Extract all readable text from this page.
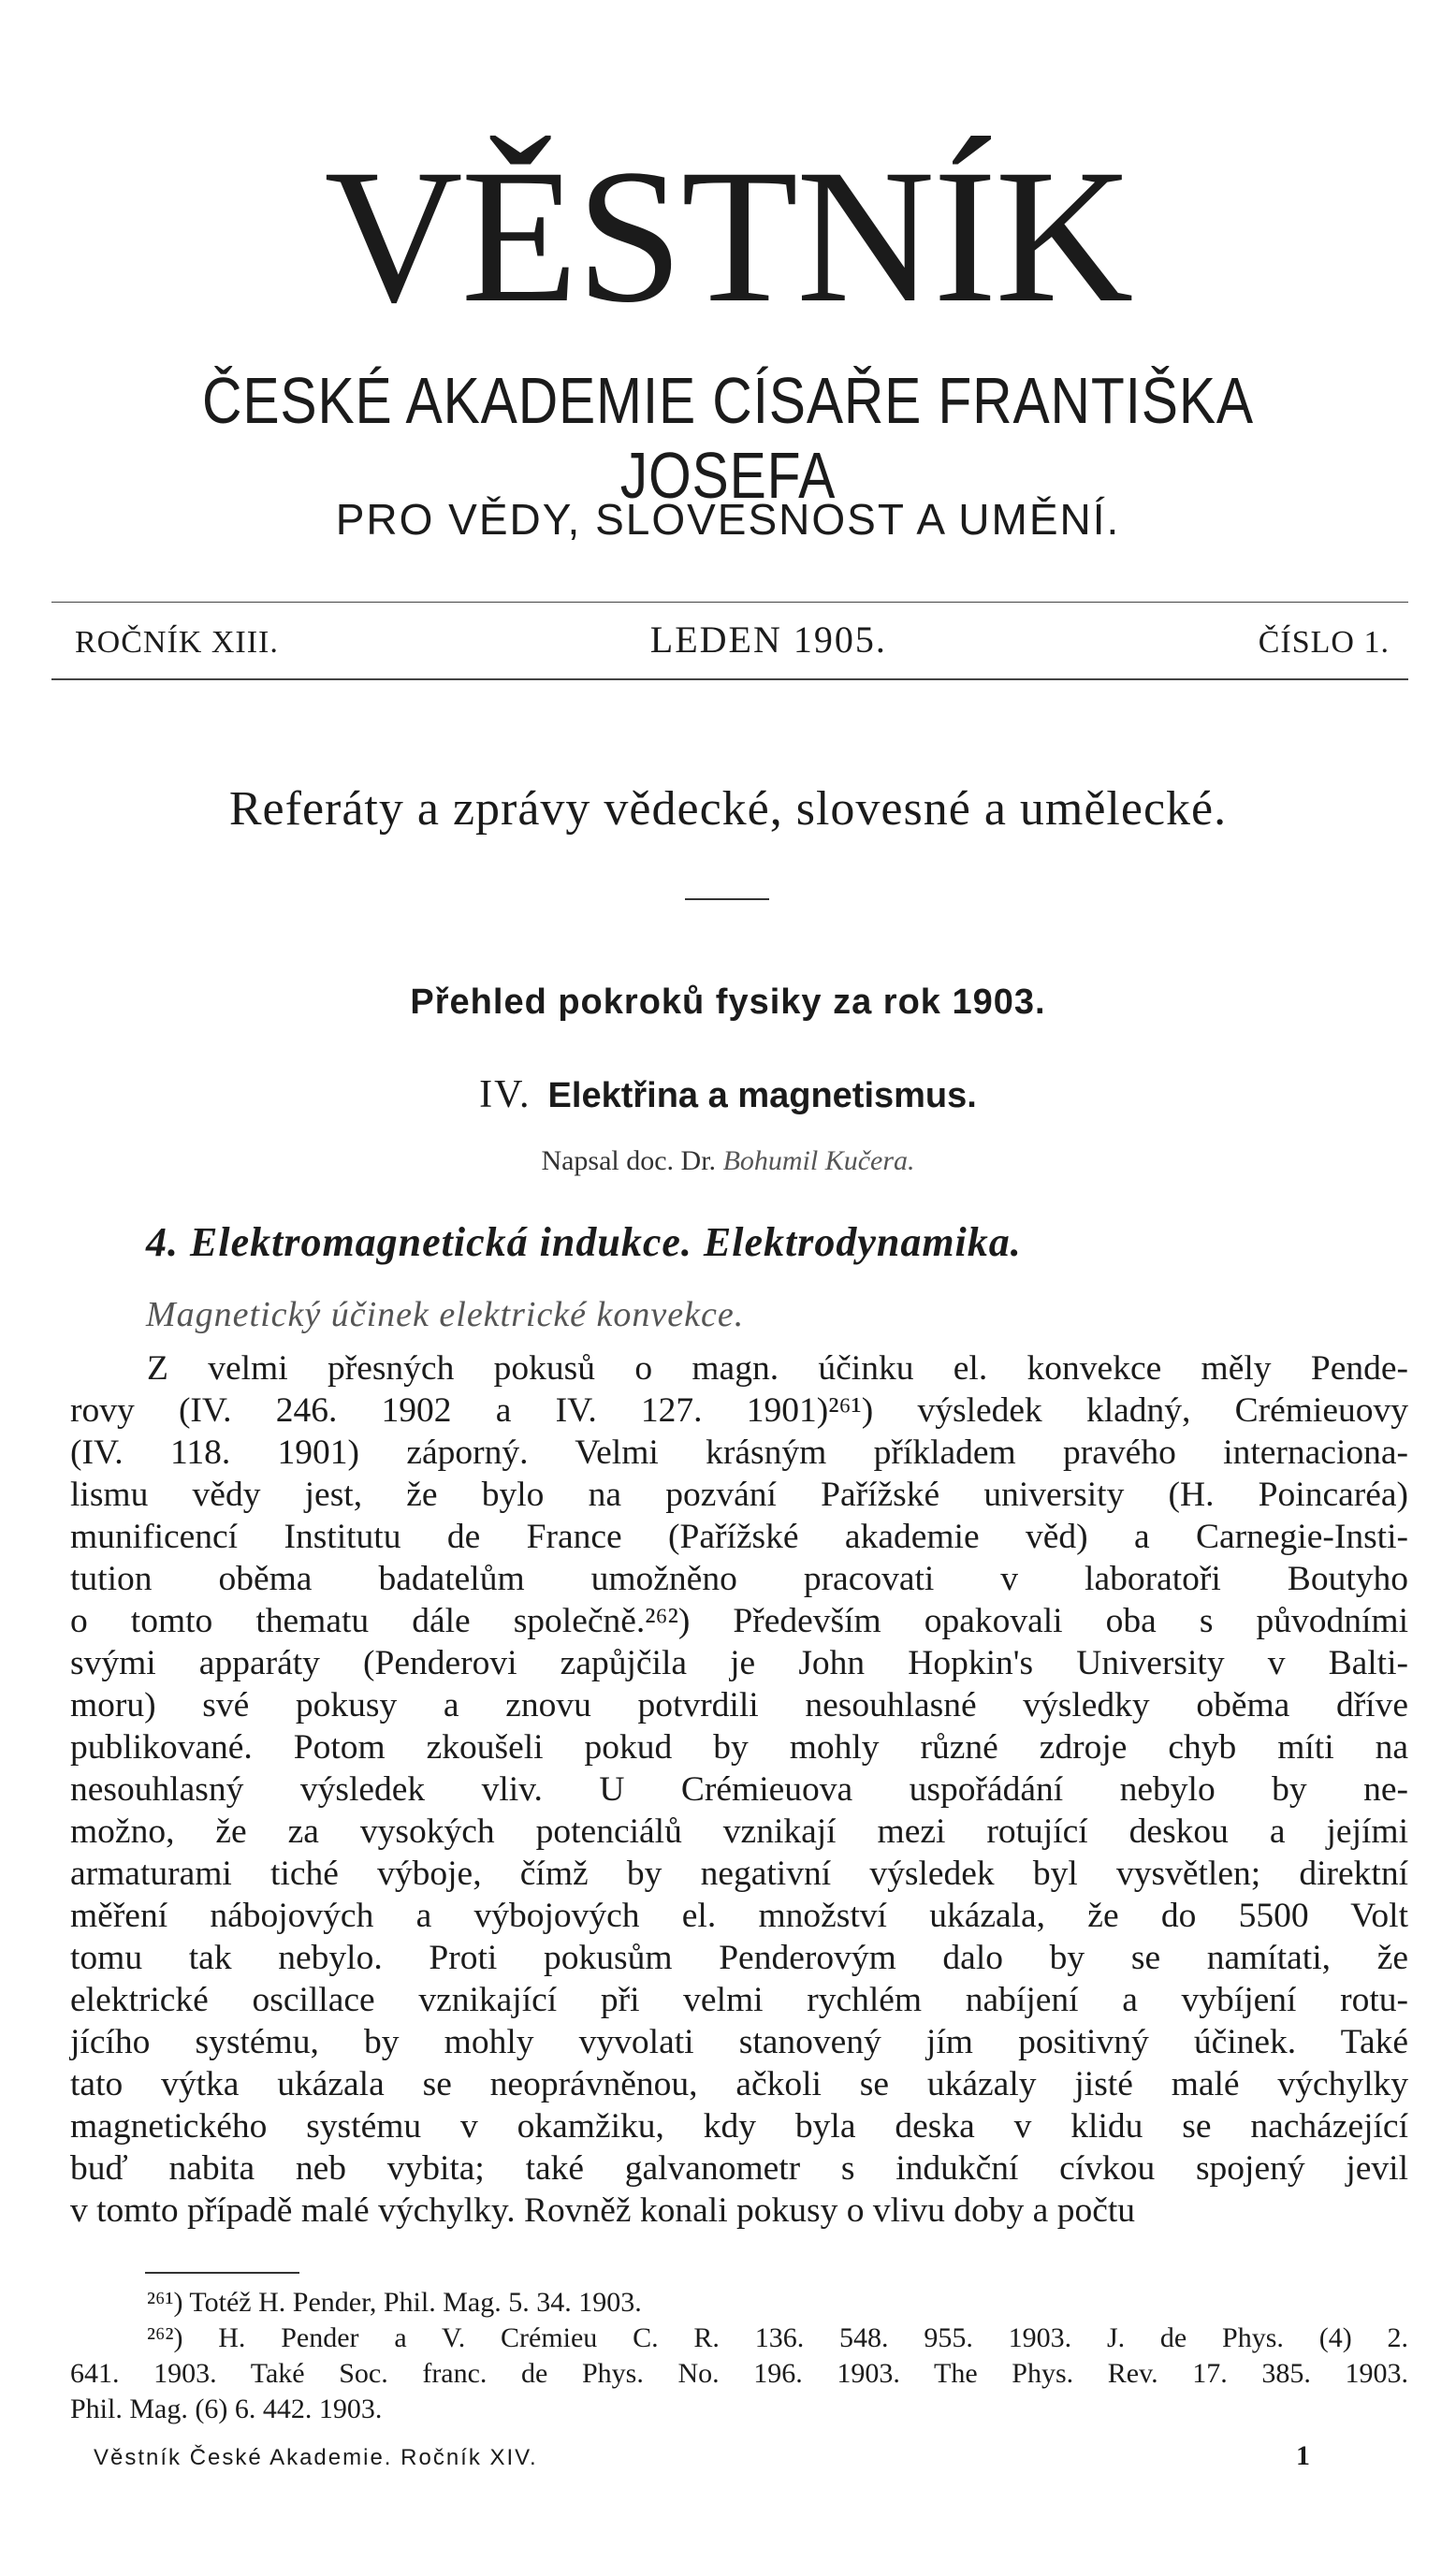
VĚSTNÍK
ČESKÉ AKADEMIE CÍSAŘE FRANTIŠKA JOSEFA
PRO VĚDY, SLOVESNOST A UMĚNÍ.
ROČNÍK XIII.	LEDEN 1905.	ČÍSLO 1.
Referáty a zprávy vědecké, slovesné a umělecké.
Přehled pokroků fysiky za rok 1903.
IV. Elektřina a magnetismus.
Napsal doc. Dr. Bohumil Kučera.
4. Elektromagnetická indukce. Elektrodynamika.
Magnetický účinek elektrické konvekce.
Z velmi přesných pokusů o magn. účinku el. konvekce měly Pende-
rovy (IV. 246. 1902 a IV. 127. 1901)²⁶¹) výsledek kladný, Crémieuovy
(IV. 118. 1901) záporný. Velmi krásným příkladem pravého internaciona-
lismu vědy jest, že bylo na pozvání Pařížské university (H. Poincaréa)
munificencí Institutu de France (Pařížské akademie věd) a Carnegie-Insti-
tution oběma badatelům umožněno pracovati v laboratoři Boutyho
o tomto thematu dále společně.²⁶²) Především opakovali oba s původními
svými apparáty (Penderovi zapůjčila je John Hopkin's University v Balti-
moru) své pokusy a znovu potvrdili nesouhlasné výsledky oběma dříve
publikované. Potom zkoušeli pokud by mohly různé zdroje chyb míti na
nesouhlasný výsledek vliv. U Crémieuova uspořádání nebylo by ne-
možno, že za vysokých potenciálů vznikají mezi rotující deskou a jejími
armaturami tiché výboje, čímž by negativní výsledek byl vysvětlen; direktní
měření nábojových a výbojových el. množství ukázala, že do 5500 Volt
tomu tak nebylo. Proti pokusům Penderovým dalo by se namítati, že
elektrické oscillace vznikající při velmi rychlém nabíjení a vybíjení rotu-
jícího systému, by mohly vyvolati stanovený jím positivný účinek. Také
tato výtka ukázala se neoprávněnou, ačkoli se ukázaly jisté malé výchylky
magnetického systému v okamžiku, kdy byla deska v klidu se nacházející
buď nabita neb vybita; také galvanometr s indukční cívkou spojený jevil
v tomto případě malé výchylky. Rovněž konali pokusy o vlivu doby a počtu
²⁶¹) Totéž H. Pender, Phil. Mag. 5. 34. 1903.
²⁶²) H. Pender a V. Crémieu C. R. 136. 548. 955. 1903. J. de Phys. (4) 2.
641. 1903. Také Soc. franc. de Phys. No. 196. 1903. The Phys. Rev. 17. 385. 1903.
Phil. Mag. (6) 6. 442. 1903.
Věstník České Akademie. Ročník XIV.	1
